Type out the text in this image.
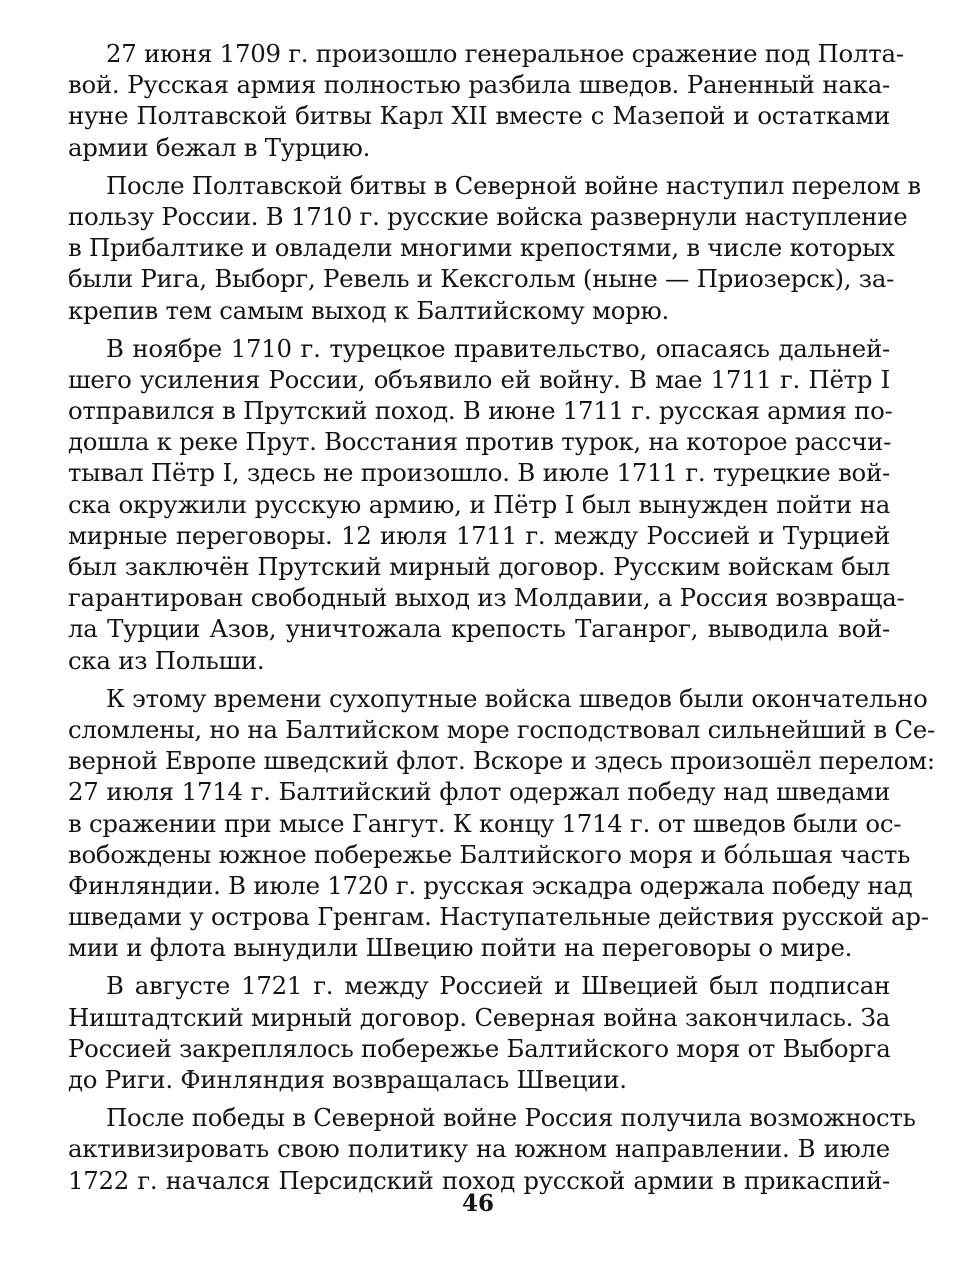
27 июня 1709 г. произошло генеральное сражение под Полта-
вой. Русская армия полностью разбила шведов. Раненный нака-
нуне Полтавской битвы Карл XII вместе с Мазепой и остатками
армии бежал в Турцию.
После Полтавской битвы в Северной войне наступил перелом в
пользу России. В 1710 г. русские войска развернули наступление
в Прибалтике и овладели многими крепостями, в числе которых
были Рига, Выборг, Ревель и Кексгольм (ныне — Приозерск), за-
крепив тем самым выход к Балтийскому морю.
В ноябре 1710 г. турецкое правительство, опасаясь дальней-
шего усиления России, объявило ей войну. В мае 1711 г. Пётр I
отправился в Прутский поход. В июне 1711 г. русская армия по-
дошла к реке Прут. Восстания против турок, на которое рассчи-
тывал Пётр I, здесь не произошло. В июле 1711 г. турецкие вой-
ска окружили русскую армию, и Пётр I был вынужден пойти на
мирные переговоры. 12 июля 1711 г. между Россией и Турцией
был заключён Прутский мирный договор. Русским войскам был
гарантирован свободный выход из Молдавии, а Россия возвраща-
ла Турции Азов, уничтожала крепость Таганрог, выводила вой-
ска из Польши.
К этому времени сухопутные войска шведов были окончательно
сломлены, но на Балтийском море господствовал сильнейший в Се-
верной Европе шведский флот. Вскоре и здесь произошёл перелом:
27 июля 1714 г. Балтийский флот одержал победу над шведами
в сражении при мысе Гангут. К концу 1714 г. от шведов были ос-
вобождены южное побережье Балтийского моря и бóльшая часть
Финляндии. В июле 1720 г. русская эскадра одержала победу над
шведами у острова Гренгам. Наступательные действия русской ар-
мии и флота вынудили Швецию пойти на переговоры о мире.
В августе 1721 г. между Россией и Швецией был подписан
Ништадтский мирный договор. Северная война закончилась. За
Россией закреплялось побережье Балтийского моря от Выборга
до Риги. Финляндия возвращалась Швеции.
После победы в Северной войне Россия получила возможность
активизировать свою политику на южном направлении. В июле
1722 г. начался Персидский поход русской армии в прикаспий-
46
